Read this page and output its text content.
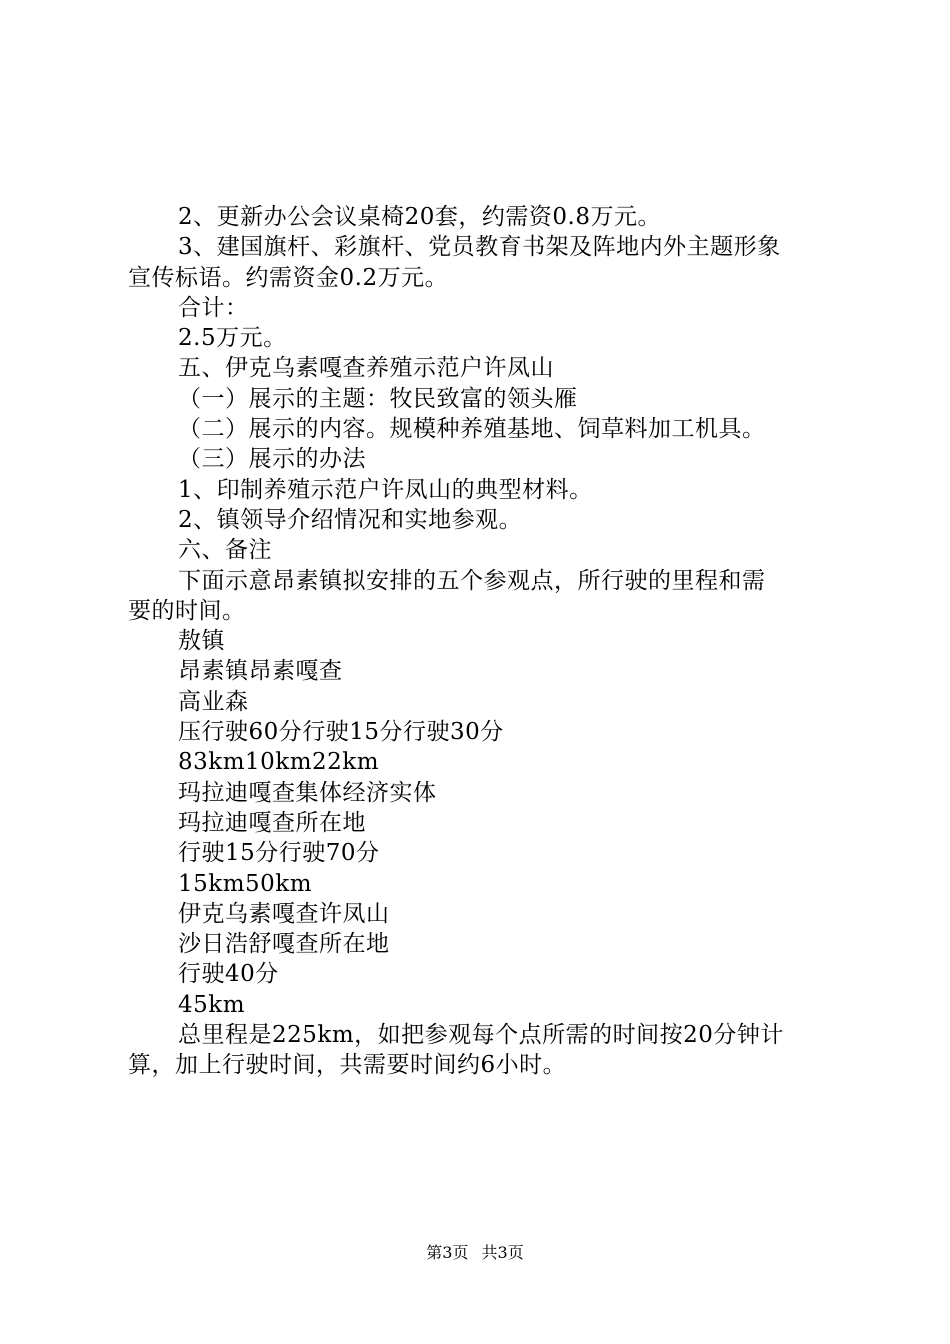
2、更新办公会议桌椅20套，约需资0.8万元。
3、建国旗杆、彩旗杆、党员教育书架及阵地内外主题形象
宣传标语。约需资金0.2万元。
合计：
2.5万元。
五、伊克乌素嘎查养殖示范户许凤山
（一）展示的主题：牧民致富的领头雁
（二）展示的内容。规模种养殖基地、饲草料加工机具。
（三）展示的办法
1、印制养殖示范户许凤山的典型材料。
2、镇领导介绍情况和实地参观。
六、备注
下面示意昂素镇拟安排的五个参观点，所行驶的里程和需
要的时间。
敖镇
昂素镇昂素嘎查
高业森
压行驶60分行驶15分行驶30分
83km10km22km
玛拉迪嘎查集体经济实体
玛拉迪嘎查所在地
行驶15分行驶70分
15km50km
伊克乌素嘎查许凤山
沙日浩舒嘎查所在地
行驶40分
45km
总里程是225km，如把参观每个点所需的时间按20分钟计
算，加上行驶时间，共需要时间约6小时。
第3页 共3页
